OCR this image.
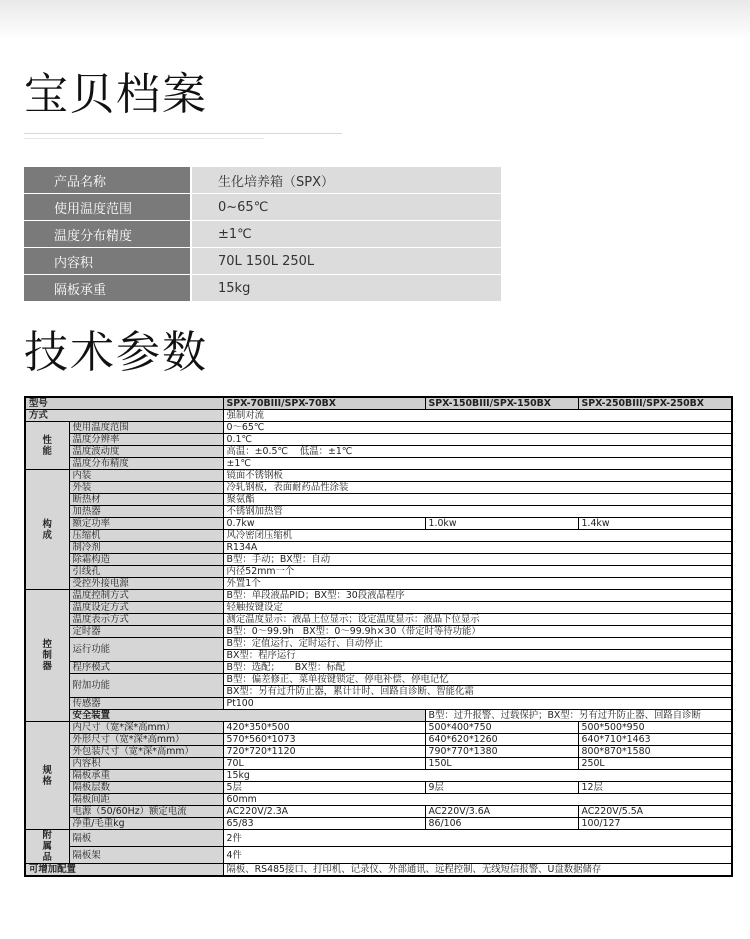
宝贝档案
产品名称		生化培养箱（SPX）
使用温度范围		0~65℃
温度分布精度		±1℃
内容积		70L 150L 250L
隔板承重		15kg
技术参数
型号		SPX-70BIII/SPX-70BX	SPX-150BIII/SPX-150BX	SPX-250BIII/SPX-250BX
方式		强制对流		
性
能	使用温度范围	0～65℃		
	温度分辨率	0.1℃		
	温度波动度	高温：±0.5℃    低温：±1℃		
	温度分布精度	±1℃		
构
成	内装	镜面不锈钢板		
	外装	冷轧钢板，表面耐药品性涂装		
	断热材	聚氨酯		
	加热器	不锈钢加热管		
	额定功率	0.7kw	1.0kw	1.4kw
	压缩机	风冷密闭压缩机		
	制冷剂	R134A		
	除霜构造	B型：手动；BX型：自动		
	引线孔	内径52mm一个		
	受控外接电源	外置1个		
控
制
器	温度控制方式	B型：单段液晶PID；BX型：30段液晶程序		
	温度设定方式	轻触按键设定		
	温度表示方式	测定温度显示：液晶上位显示；设定温度显示：液晶下位显示		
	定时器	B型：0～99.9h   BX型：0～99.9h×30（带定时等待功能）		
	运行功能	B型：定值运行、定时运行、自动停止		
		BX型：程序运行		
	程序模式	B型：选配；     BX型：标配		
	附加功能	B型：偏差修正、菜单按键锁定、停电补偿、停电记忆		
		BX型：另有过升防止器，累计计时、回路自诊断、智能化霜		
	传感器	Pt100		
	安全装置		B型：过升报警、过载保护；BX型：另有过升防止器、回路自诊断	
规
格	内尺寸（宽*深*高mm）	420*350*500	500*400*750	500*500*950
	外形尺寸（宽*深*高mm）	570*560*1073	640*620*1260	640*710*1463
	外包装尺寸（宽*深*高mm）	720*720*1120	790*770*1380	800*870*1580
	内容积	70L	150L	250L
	隔板承重	15kg		
	隔板层数	5层	9层	12层
	隔板间距	60mm		
	电源（50/60Hz）额定电流	AC220V/2.3A	AC220V/3.6A	AC220V/5.5A
	净重/毛重kg	65/83	86/106	100/127
附
属
品	隔板	2件		
	隔板架	4件		
可增加配置		隔板、RS485接口、打印机、记录仪、外部通讯、远程控制、无线短信报警、U盘数据储存		
